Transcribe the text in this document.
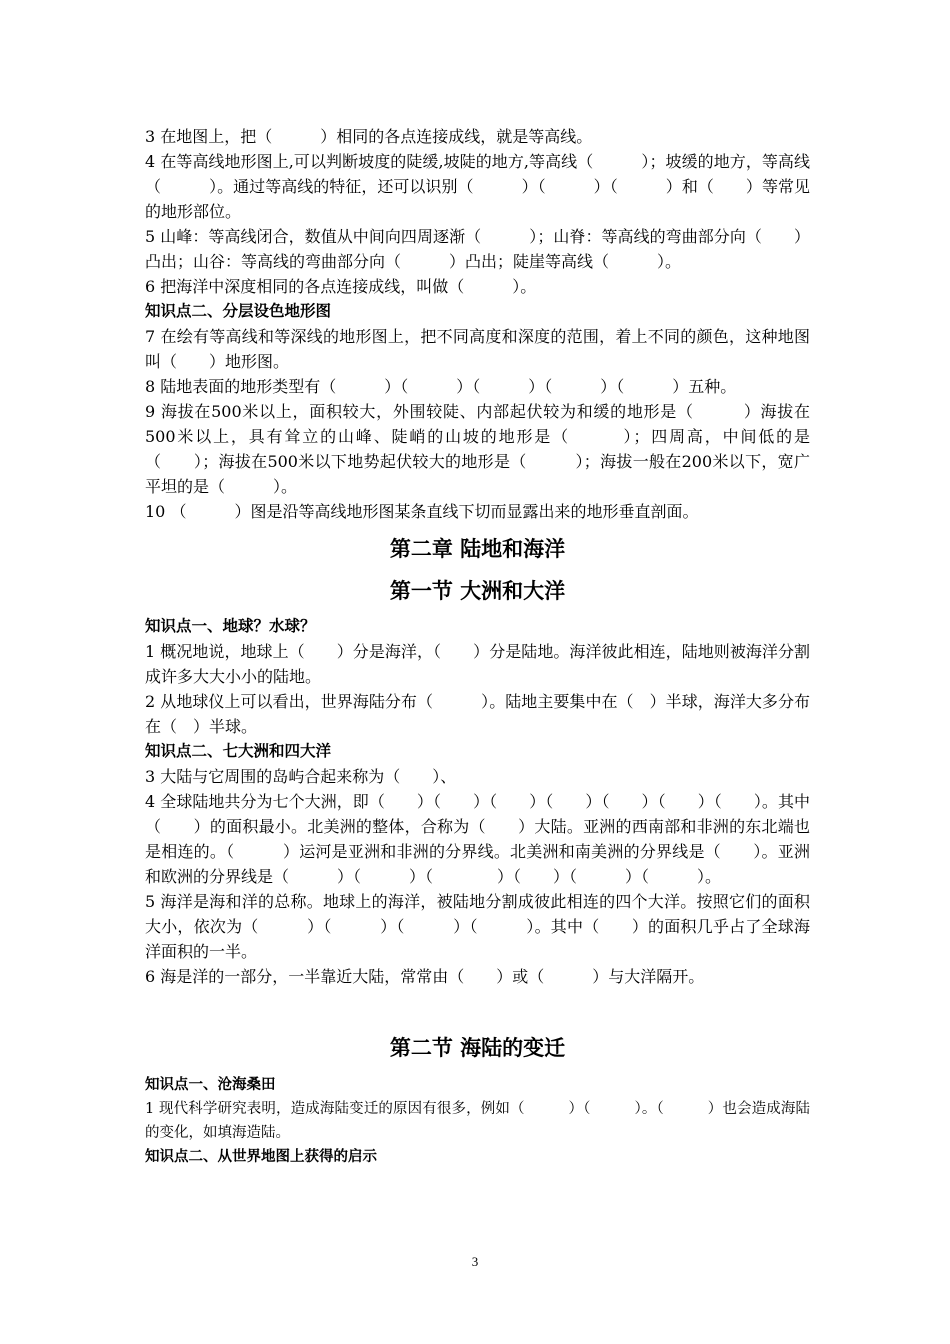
3 在地图上，把（　　　）相同的各点连接成线，就是等高线。

4 在等高线地形图上,可以判断坡度的陡缓,坡陡的地方,等高线（　　　）；坡缓的地方，等高线（　　　）。通过等高线的特征，还可以识别（　　　）（　　　）（　　　）和（　　）等常见的地形部位。

5 山峰：等高线闭合，数值从中间向四周逐渐（　　　）；山脊：等高线的弯曲部分向（　　）凸出；山谷：等高线的弯曲部分向（　　　）凸出；陡崖等高线（　　　）。

6 把海洋中深度相同的各点连接成线，叫做（　　　）。

知识点二、分层设色地形图

7 在绘有等高线和等深线的地形图上，把不同高度和深度的范围，着上不同的颜色，这种地图叫（　　）地形图。

8 陆地表面的地形类型有（　　　）（　　　）（　　　）（　　　）（　　　）五种。

9 海拔在500米以上，面积较大，外围较陡、内部起伏较为和缓的地形是（　　　）海拔在500米以上，具有耸立的山峰、陡峭的山坡的地形是（　　　）；四周高，中间低的是（　　）；海拔在500米以下地势起伏较大的地形是（　　　）；海拔一般在200米以下，宽广平坦的是（　　　）。

10 （　　　）图是沿等高线地形图某条直线下切而显露出来的地形垂直剖面。

第二章 陆地和海洋
第一节 大洲和大洋

知识点一、地球？水球？

1 概况地说，地球上（　　）分是海洋，（　　）分是陆地。海洋彼此相连，陆地则被海洋分割成许多大大小小的陆地。

2 从地球仪上可以看出，世界海陆分布（　　　）。陆地主要集中在（　）半球，海洋大多分布在（　）半球。

知识点二、七大洲和四大洋

3 大陆与它周围的岛屿合起来称为（　　）、

4 全球陆地共分为七个大洲，即（　　）（　　）（　　）（　　）（　　）（　　）（　　）。其中（　　）的面积最小。北美洲的整体，合称为（　　）大陆。亚洲的西南部和非洲的东北端也是相连的。（　　　）运河是亚洲和非洲的分界线。北美洲和南美洲的分界线是（　　）。亚洲和欧洲的分界线是（　　　）（　　　）（　　　　）（　　）（　　　）（　　　）。

5 海洋是海和洋的总称。地球上的海洋，被陆地分割成彼此相连的四个大洋。按照它们的面积大小，依次为（　　　）（　　　）（　　　）（　　　）。其中（　　）的面积几乎占了全球海洋面积的一半。

6 海是洋的一部分，一半靠近大陆，常常由（　　）或（　　　）与大洋隔开。

第二节 海陆的变迁

知识点一、沧海桑田

1 现代科学研究表明，造成海陆变迁的原因有很多，例如（　　　）（　　　）。（　　　）也会造成海陆的变化，如填海造陆。

知识点二、从世界地图上获得的启示

3
